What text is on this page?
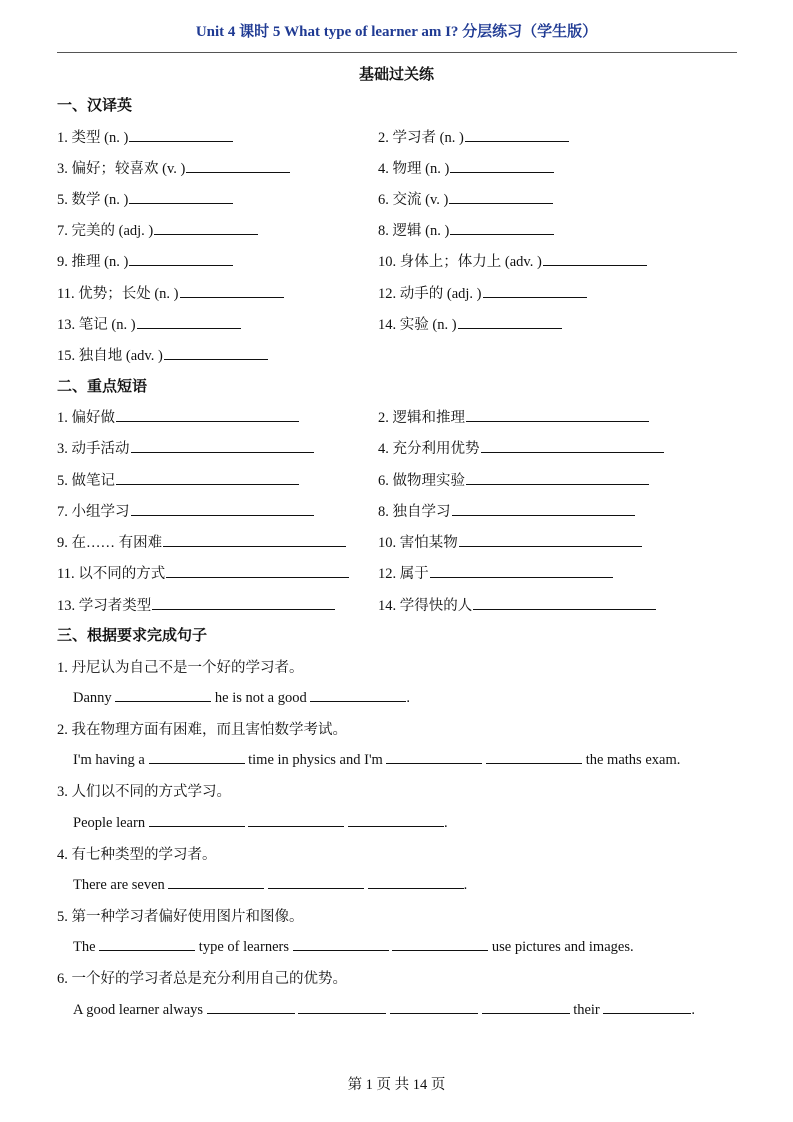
Unit 4 课时 5 What type of learner am I? 分层练习（学生版）
基础过关练
一、汉译英
1. 类型 (n. )	2. 学习者 (n. )
3. 偏好；较喜欢 (v. )	4. 物理 (n. )
5. 数学 (n. )	6. 交流 (v. )
7. 完美的 (adj. )	8. 逻辑 (n. )
9. 推理 (n. )	10. 身体上；体力上 (adv. )
11. 优势；长处 (n. )	12. 动手的 (adj. )
13. 笔记 (n. )	14. 实验 (n. )
15. 独自地 (adv. )
二、重点短语
1. 偏好做	2. 逻辑和推理
3. 动手活动	4. 充分利用优势
5. 做笔记	6. 做物理实验
7. 小组学习	8. 独自学习
9. 在…… 有困难	10. 害怕某物
11. 以不同的方式	12. 属于
13. 学习者类型	14. 学得快的人
三、根据要求完成句子
1. 丹尼认为自己不是一个好的学习者。
Danny	he is not a good	.
2. 我在物理方面有困难，而且害怕数学考试。
I'm having a	time in physics and I'm	the maths exam.
3. 人们以不同的方式学习。
People learn	.
4. 有七种类型的学习者。
There are seven	.
5. 第一种学习者偏好使用图片和图像。
The	type of learners	use pictures and images.
6. 一个好的学习者总是充分利用自己的优势。
A good learner always	their	.
第 1 页 共 14 页
